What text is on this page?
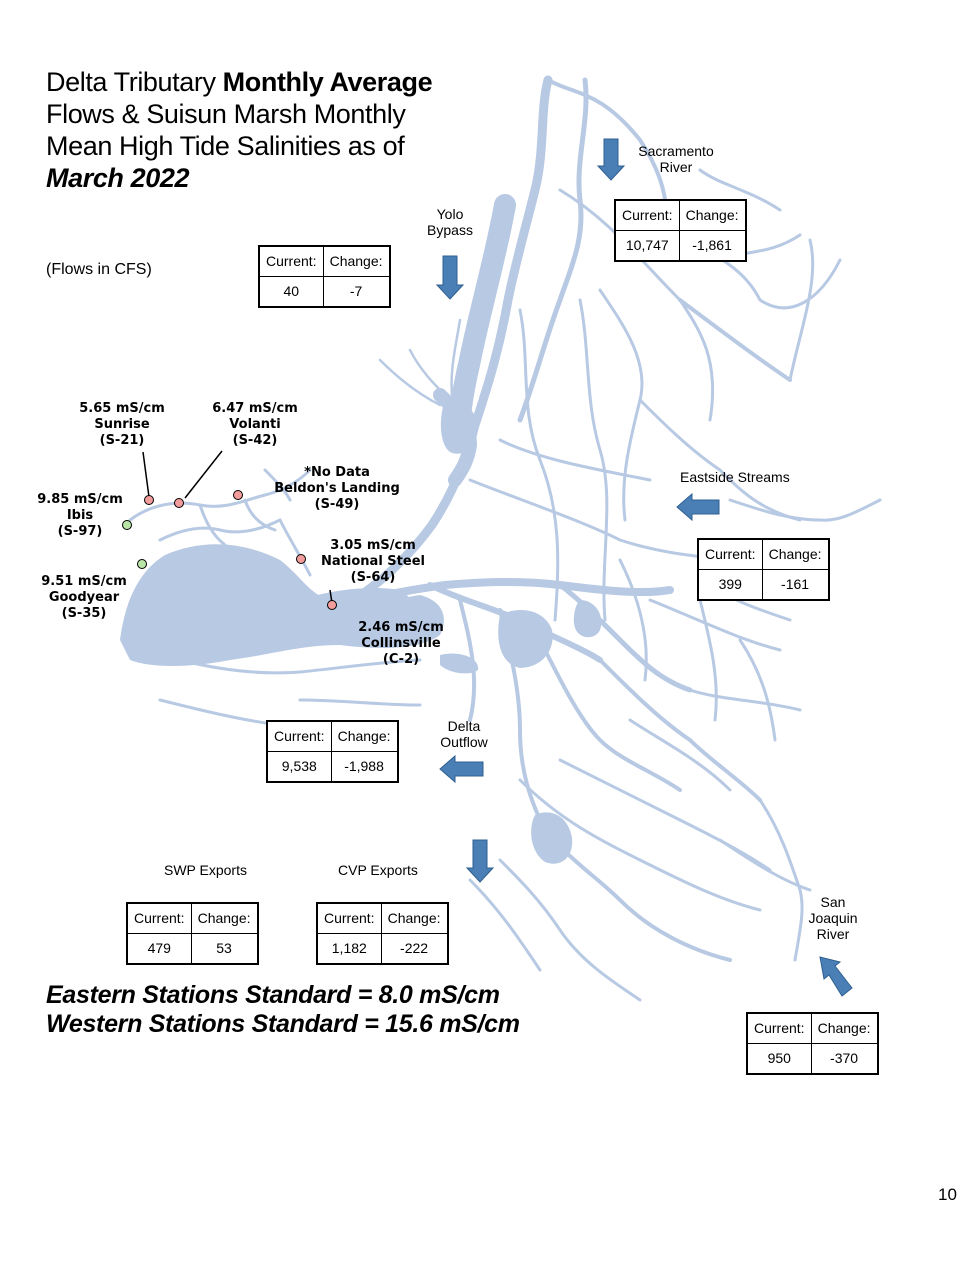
Delta Tributary Monthly Average
Flows & Suisun Marsh Monthly
Mean High Tide Salinities as of
March 2022
(Flows in CFS)
Sacramento
River
Current:	Change:
10,747	-1,861
Yolo
Bypass
Current:	Change:
40	-7
Eastside Streams
Current:	Change:
399	-161
Delta
Outflow
Current:	Change:
9,538	-1,988
SWP Exports	CVP Exports
Current:	Change:
479	53
Current:	Change:
1,182	-222
San
Joaquin
River
Current:	Change:
950	-370
5.65 mS/cm
Sunrise
(S-21)
6.47 mS/cm
Volanti
(S-42)
*No Data
Beldon's Landing
(S-49)
9.85 mS/cm
Ibis
(S-97)
9.51 mS/cm
Goodyear
(S-35)
3.05 mS/cm
National Steel
(S-64)
2.46 mS/cm
Collinsville
(C-2)
Eastern Stations Standard = 8.0 mS/cm
Western Stations Standard = 15.6 mS/cm
10
